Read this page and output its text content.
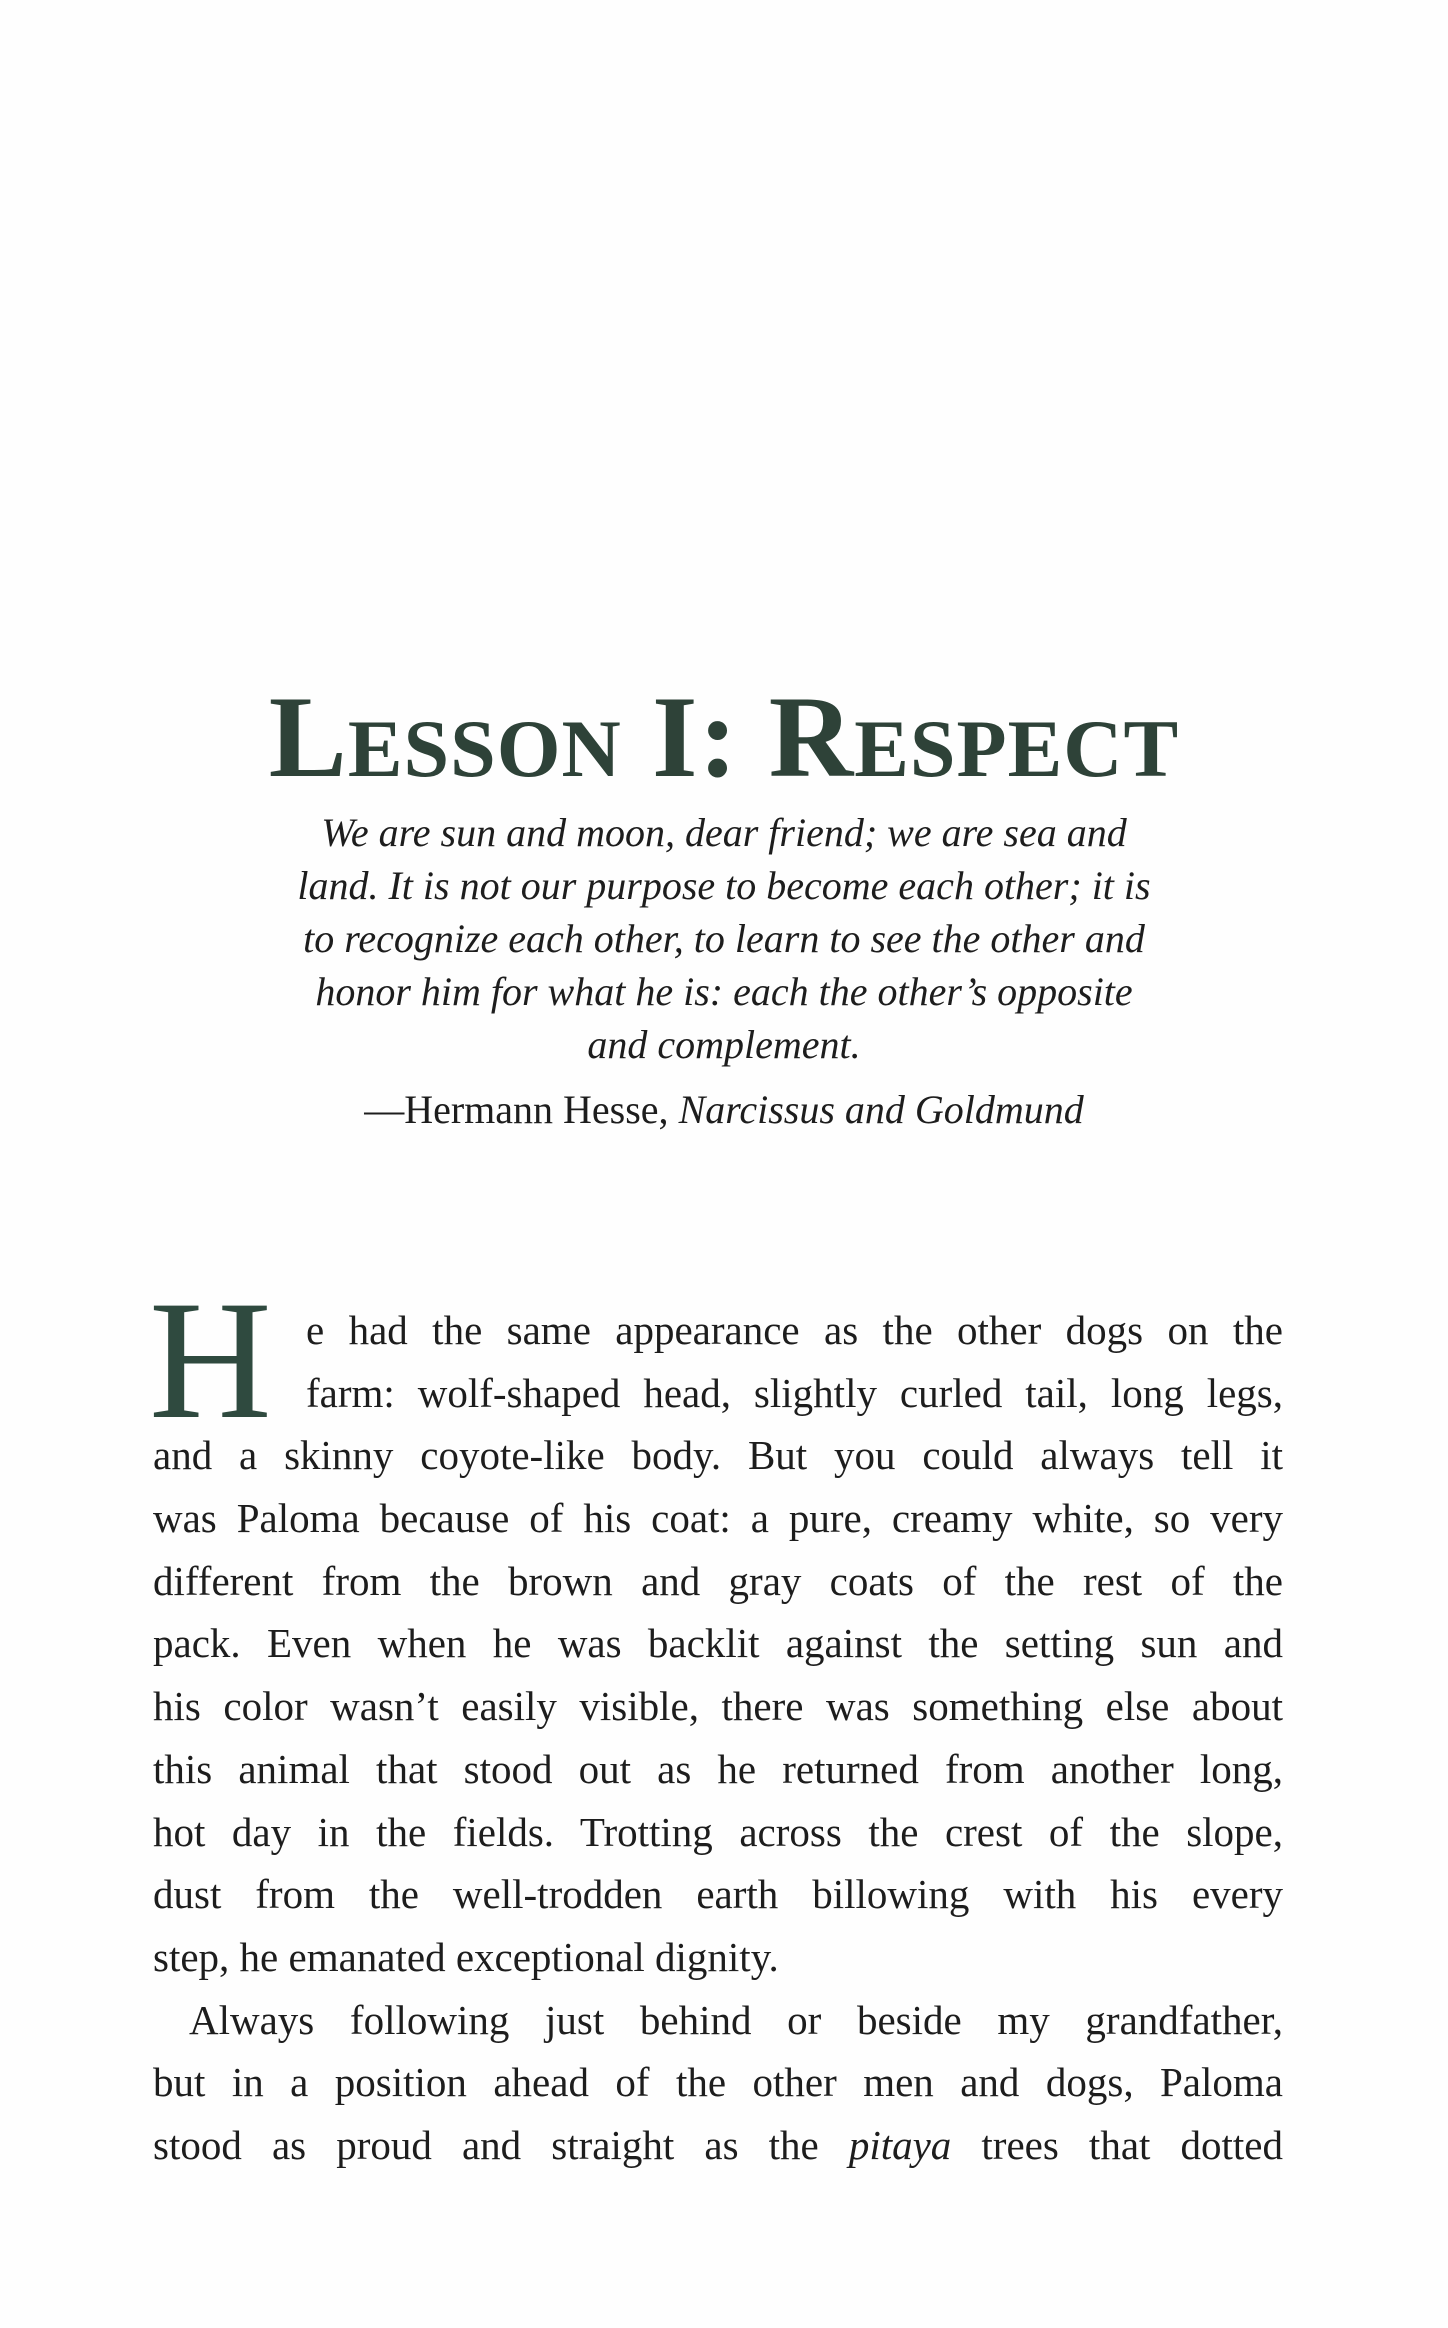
Lesson I: Respect
We are sun and moon, dear friend; we are sea and
land. It is not our purpose to become each other; it is
to recognize each other, to learn to see the other and
honor him for what he is: each the other’s opposite
and complement.
—Hermann Hesse, Narcissus and Goldmund
H e had the same appearance as the other dogs on the
farm: wolf-shaped head, slightly curled tail, long legs,
and a skinny coyote-like body. But you could always tell it
was Paloma because of his coat: a pure, creamy white, so very
different from the brown and gray coats of the rest of the
pack. Even when he was backlit against the setting sun and
his color wasn’t easily visible, there was something else about
this animal that stood out as he returned from another long,
hot day in the fields. Trotting across the crest of the slope,
dust from the well-trodden earth billowing with his every
step, he emanated exceptional dignity.
Always following just behind or beside my grandfather,
but in a position ahead of the other men and dogs, Paloma
stood as proud and straight as the pitaya trees that dotted
